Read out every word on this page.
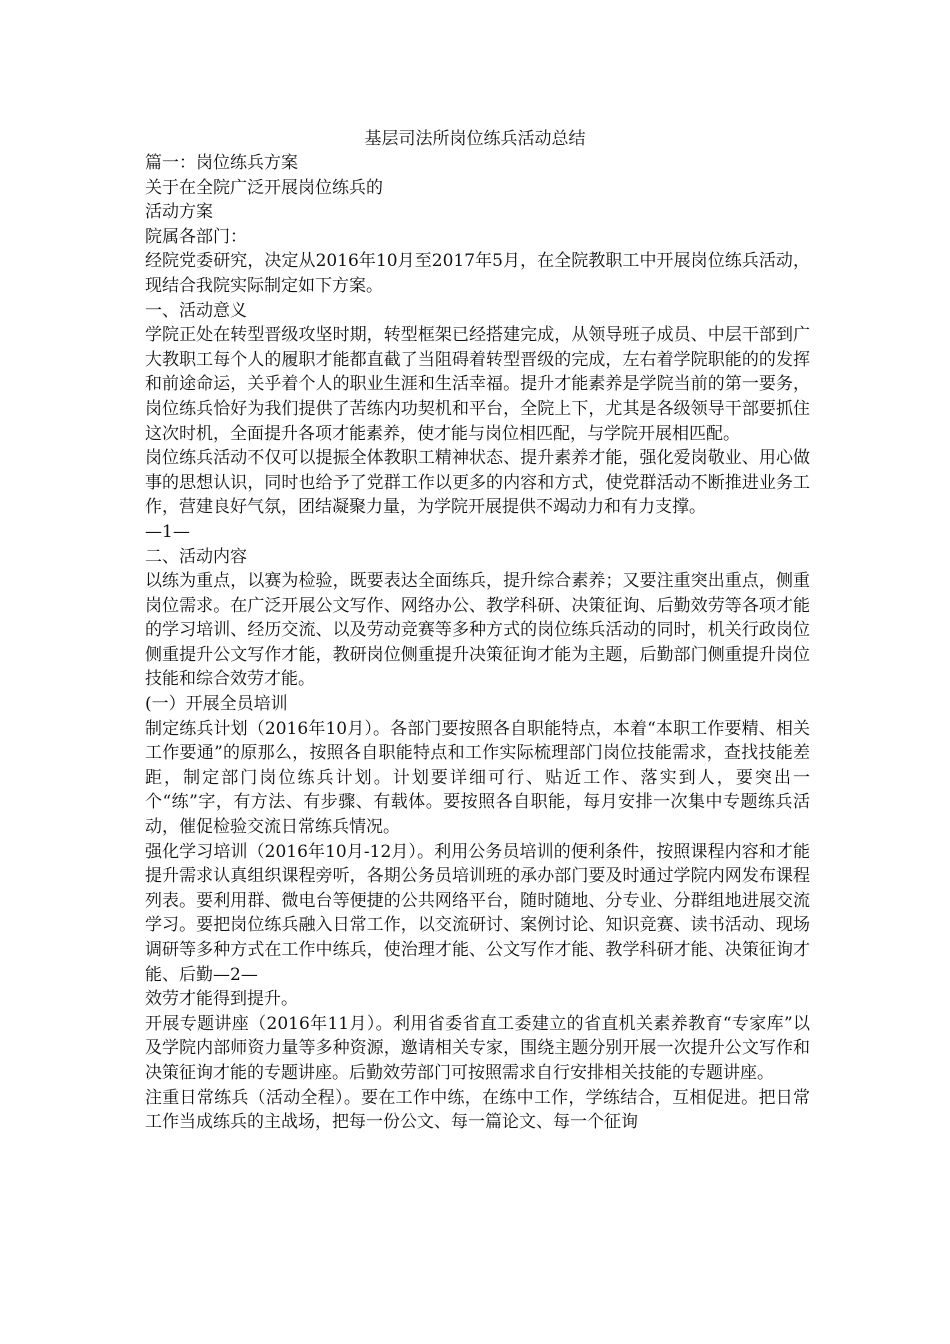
基层司法所岗位练兵活动总结

篇一：岗位练兵方案

关于在全院广泛开展岗位练兵的

活动方案

院属各部门：

经院党委研究，决定从2016年10月至2017年5月，在全院教职工中开展岗位练兵活动，现结合我院实际制定如下方案。

一、活动意义

学院正处在转型晋级攻坚时期，转型框架已经搭建完成，从领导班子成员、中层干部到广大教职工每个人的履职才能都直截了当阻碍着转型晋级的完成，左右着学院职能的的发挥和前途命运，关乎着个人的职业生涯和生活幸福。提升才能素养是学院当前的第一要务，岗位练兵恰好为我们提供了苦练内功契机和平台，全院上下，尤其是各级领导干部要抓住这次时机，全面提升各项才能素养，使才能与岗位相匹配，与学院开展相匹配。

岗位练兵活动不仅可以提振全体教职工精神状态、提升素养才能，强化爱岗敬业、用心做事的思想认识，同时也给予了党群工作以更多的内容和方式，使党群活动不断推进业务工作，营建良好气氛，团结凝聚力量，为学院开展提供不竭动力和有力支撑。

—1—

二、活动内容

以练为重点，以赛为检验，既要表达全面练兵，提升综合素养；又要注重突出重点，侧重岗位需求。在广泛开展公文写作、网络办公、教学科研、决策征询、后勤效劳等各项才能的学习培训、经历交流、以及劳动竞赛等多种方式的岗位练兵活动的同时，机关行政岗位侧重提升公文写作才能，教研岗位侧重提升决策征询才能为主题，后勤部门侧重提升岗位技能和综合效劳才能。

(一）开展全员培训

制定练兵计划（2016年10月）。各部门要按照各自职能特点，本着“本职工作要精、相关工作要通”的原那么，按照各自职能特点和工作实际梳理部门岗位技能需求，查找技能差距，制定部门岗位练兵计划。计划要详细可行、贴近工作、落实到人，要突出一个“练”字，有方法、有步骤、有载体。要按照各自职能，每月安排一次集中专题练兵活动，催促检验交流日常练兵情况。

强化学习培训（2016年10月-12月）。利用公务员培训的便利条件，按照课程内容和才能提升需求认真组织课程旁听，各期公务员培训班的承办部门要及时通过学院内网发布课程列表。要利用群、微电台等便捷的公共网络平台，随时随地、分专业、分群组地进展交流学习。要把岗位练兵融入日常工作，以交流研讨、案例讨论、知识竞赛、读书活动、现场调研等多种方式在工作中练兵，使治理才能、公文写作才能、教学科研才能、决策征询才能、后勤—2—

效劳才能得到提升。

开展专题讲座（2016年11月）。利用省委省直工委建立的省直机关素养教育“专家库”以及学院内部师资力量等多种资源，邀请相关专家，围绕主题分别开展一次提升公文写作和决策征询才能的专题讲座。后勤效劳部门可按照需求自行安排相关技能的专题讲座。

注重日常练兵（活动全程）。要在工作中练，在练中工作，学练结合，互相促进。把日常工作当成练兵的主战场，把每一份公文、每一篇论文、每一个征询
